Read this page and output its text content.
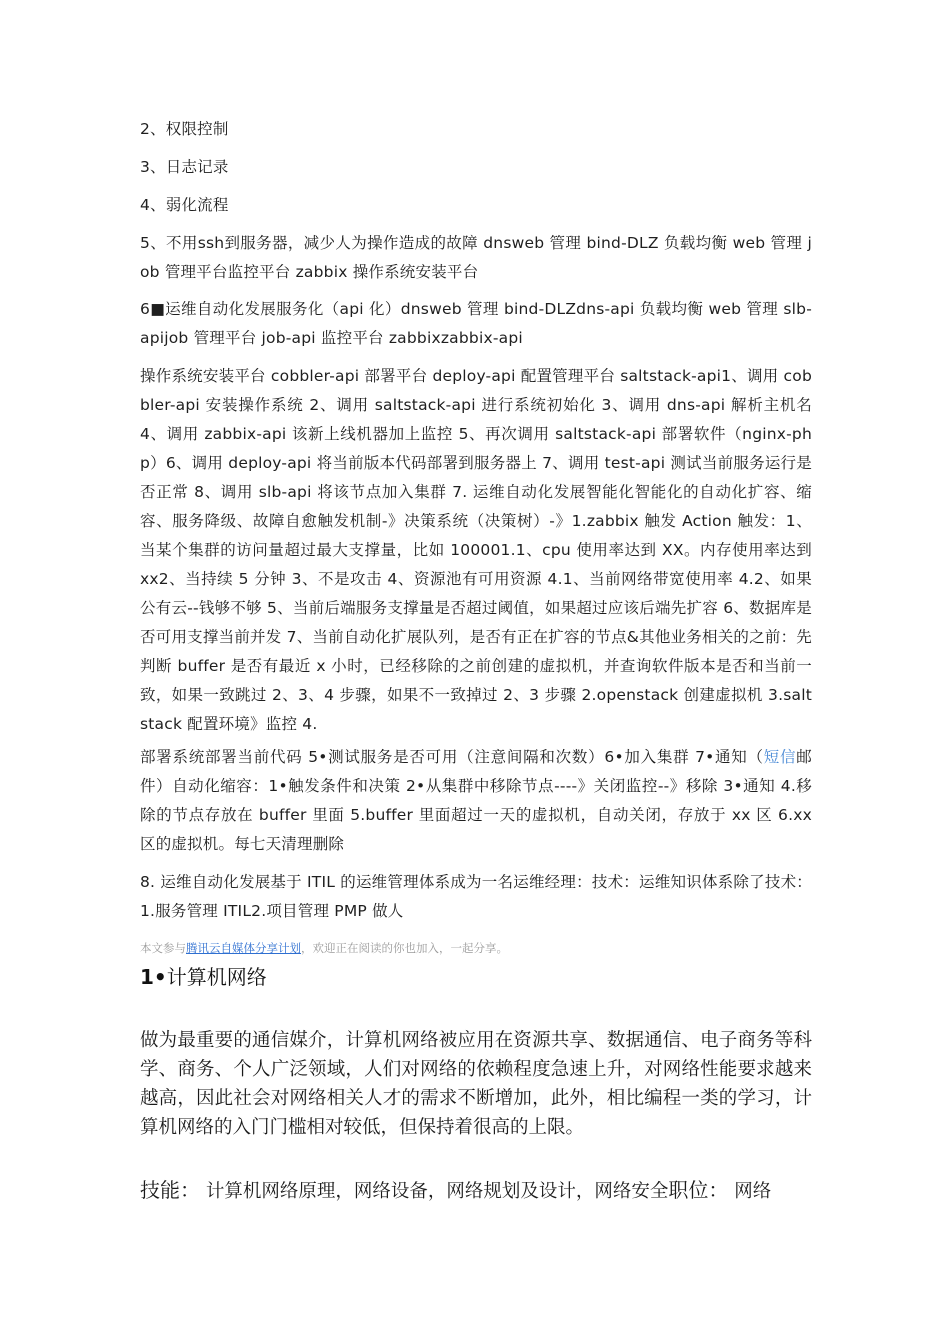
2、权限控制

3、日志记录

4、弱化流程

5、不用ssh到服务器，减少人为操作造成的故障 dnsweb 管理 bind-DLZ 负载均衡 web 管理 job 管理平台监控平台 zabbix 操作系统安装平台

6■运维自动化发展服务化（api 化）dnsweb 管理 bind-DLZdns-api 负载均衡 web 管理 slb-apijob 管理平台 job-api 监控平台 zabbixzabbix-api

操作系统安装平台 cobbler-api 部署平台 deploy-api 配置管理平台 saltstack-api1、调用 cobbler-api 安装操作系统 2、调用 saltstack-api 进行系统初始化 3、调用 dns-api 解析主机名 4、调用 zabbix-api 该新上线机器加上监控 5、再次调用 saltstack-api 部署软件（nginx-php）6、调用 deploy-api 将当前版本代码部署到服务器上 7、调用 test-api 测试当前服务运行是否正常 8、调用 slb-api 将该节点加入集群 7. 运维自动化发展智能化智能化的自动化扩容、缩容、服务降级、故障自愈触发机制-》决策系统（决策树）-》1.zabbix 触发 Action 触发：1、当某个集群的访问量超过最大支撑量，比如 100001.1、cpu 使用率达到 XX。内存使用率达到 xx2、当持续 5 分钟 3、不是攻击 4、资源池有可用资源 4.1、当前网络带宽使用率 4.2、如果公有云--钱够不够 5、当前后端服务支撑量是否超过阈值，如果超过应该后端先扩容 6、数据库是否可用支撑当前并发 7、当前自动化扩展队列，是否有正在扩容的节点&其他业务相关的之前：先判断 buffer 是否有最近 x 小时，已经移除的之前创建的虚拟机，并查询软件版本是否和当前一致，如果一致跳过 2、3、4 步骤，如果不一致掉过 2、3 步骤 2.openstack 创建虚拟机 3.saltstack 配置环境》监控 4.

部署系统部署当前代码 5•测试服务是否可用（注意间隔和次数）6•加入集群 7•通知（短信邮件）自动化缩容：1•触发条件和决策 2•从集群中移除节点----》关闭监控--》移除 3•通知 4.移除的节点存放在 buffer 里面 5.buffer 里面超过一天的虚拟机，自动关闭，存放于 xx 区 6.xx 区的虚拟机。每七天清理删除

8. 运维自动化发展基于 ITIL 的运维管理体系成为一名运维经理：技术：运维知识体系除了技术：1.服务管理 ITIL2.项目管理 PMP 做人

本文参与腾讯云自媒体分享计划，欢迎正在阅读的你也加入，一起分享。
1•计算机网络

做为最重要的通信媒介，计算机网络被应用在资源共享、数据通信、电子商务等科学、商务、个人广泛领域，人们对网络的依赖程度急速上升，对网络性能要求越来越高，因此社会对网络相关人才的需求不断增加，此外，相比编程一类的学习，计算机网络的入门门槛相对较低，但保持着很高的上限。

技能： 计算机网络原理，网络设备，网络规划及设计，网络安全职位： 网络
